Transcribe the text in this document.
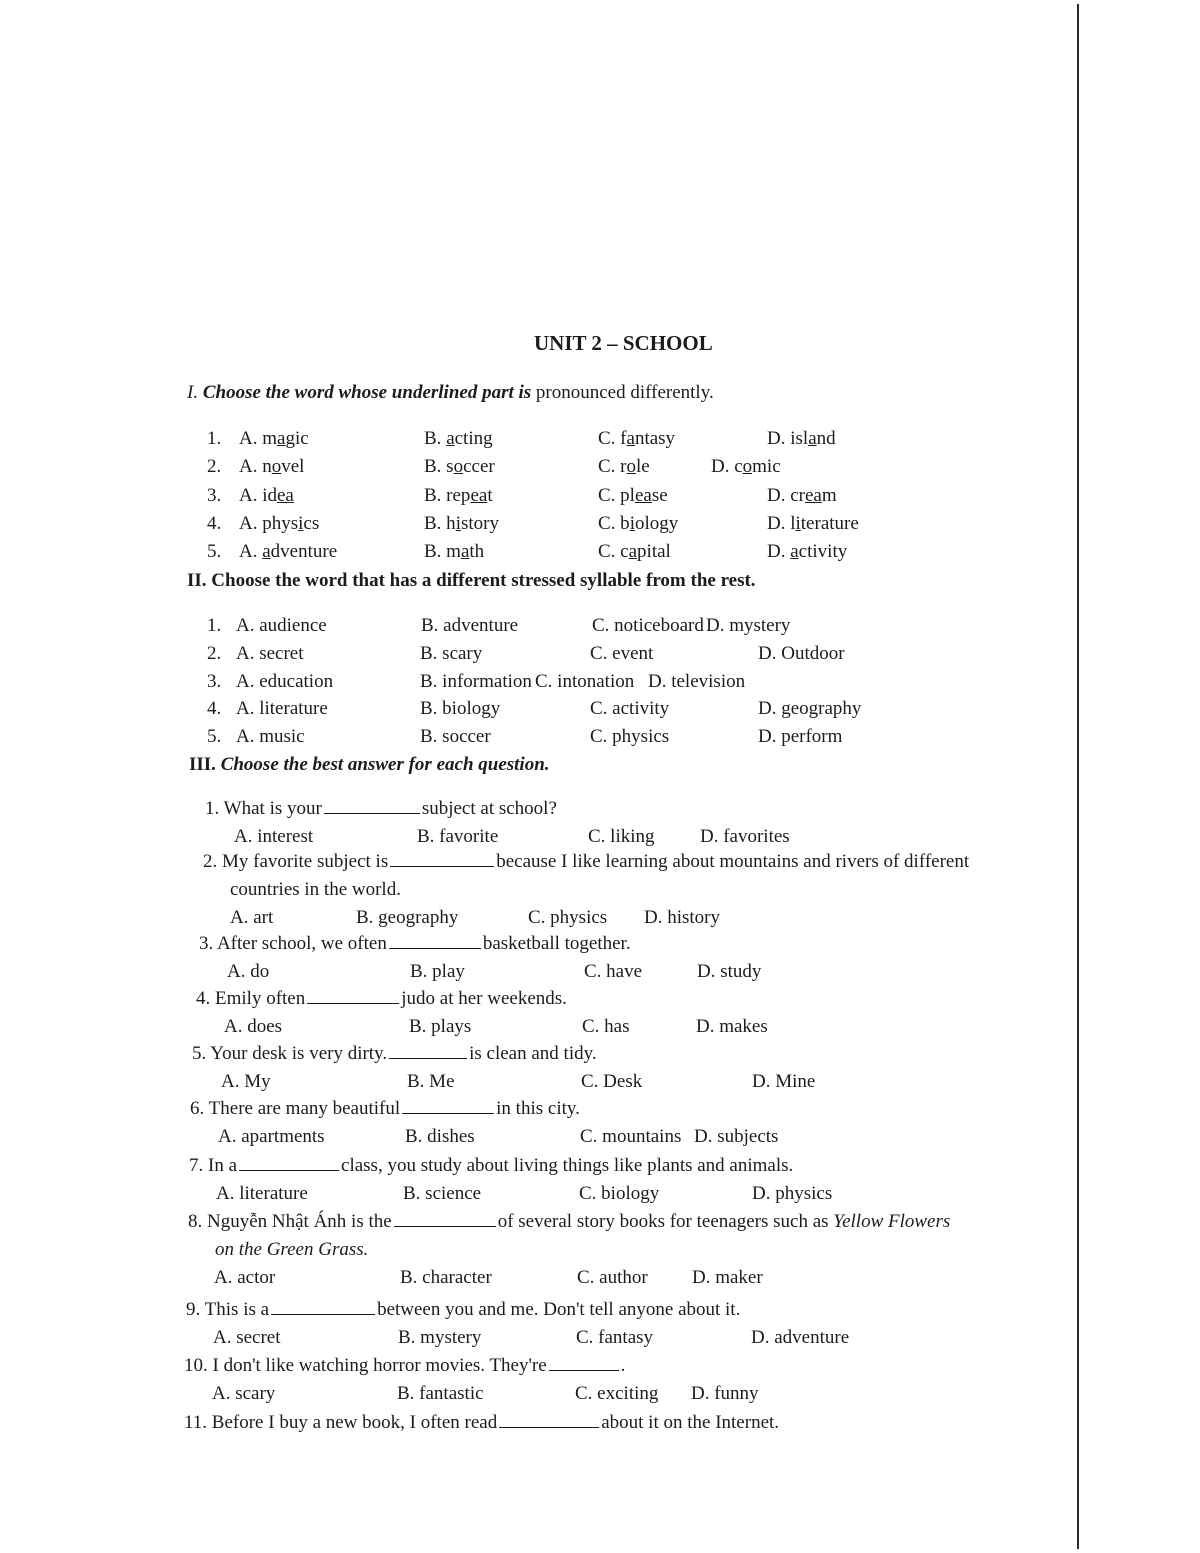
UNIT 2 – SCHOOL
I. Choose the word whose underlined part is pronounced differently.
1. A. magic	B. acting	C. fantasy	D. island
2. A. novel	B. soccer	C. role	D. comic
3. A. idea	B. repeat	C. please	D. cream
4. A. physics	B. history	C. biology	D. literature
5. A. adventure	B. math	C. capital	D. activity
II. Choose the word that has a different stressed syllable from the rest.
1. A. audience	B. adventure	C. noticeboard D. mystery
2. A. secret	B. scary	C. event	D. Outdoor
3. A. education	B. information C. intonation D. television
4. A. literature	B. biology	C. activity	D. geography
5. A. music	B. soccer	C. physics	D. perform
III. Choose the best answer for each question.
1. What is your	subject at school?
A. interest	B. favorite	C. liking D. favorites
2. My favorite subject is	because I like learning about mountains and rivers of different
countries in the world.
A. art	B. geography	C. physics D. history
3. After school, we often	basketball together.
A. do	B. play	C. have	D. study
4. Emily often	judo at her weekends.
A. does	B. plays	C. has	D. makes
5. Your desk is very dirty.	is clean and tidy.
A. My	B. Me	C. Desk	D. Mine
6. There are many beautiful	in this city.
A. apartments	B. dishes	C. mountains D. subjects
7. In a	class, you study about living things like plants and animals.
A. literature	B. science	C. biology	D. physics
8. Nguyễn Nhật Ánh is the	of several story books for teenagers such as Yellow Flowers
on the Green Grass.
A. actor	B. character	C. author D. maker
9. This is a	between you and me. Don't tell anyone about it.
A. secret	B. mystery	C. fantasy	D. adventure
10. I don't like watching horror movies. They're	.
A. scary	B. fantastic	C. exciting D. funny
11. Before I buy a new book, I often read	about it on the Internet.
